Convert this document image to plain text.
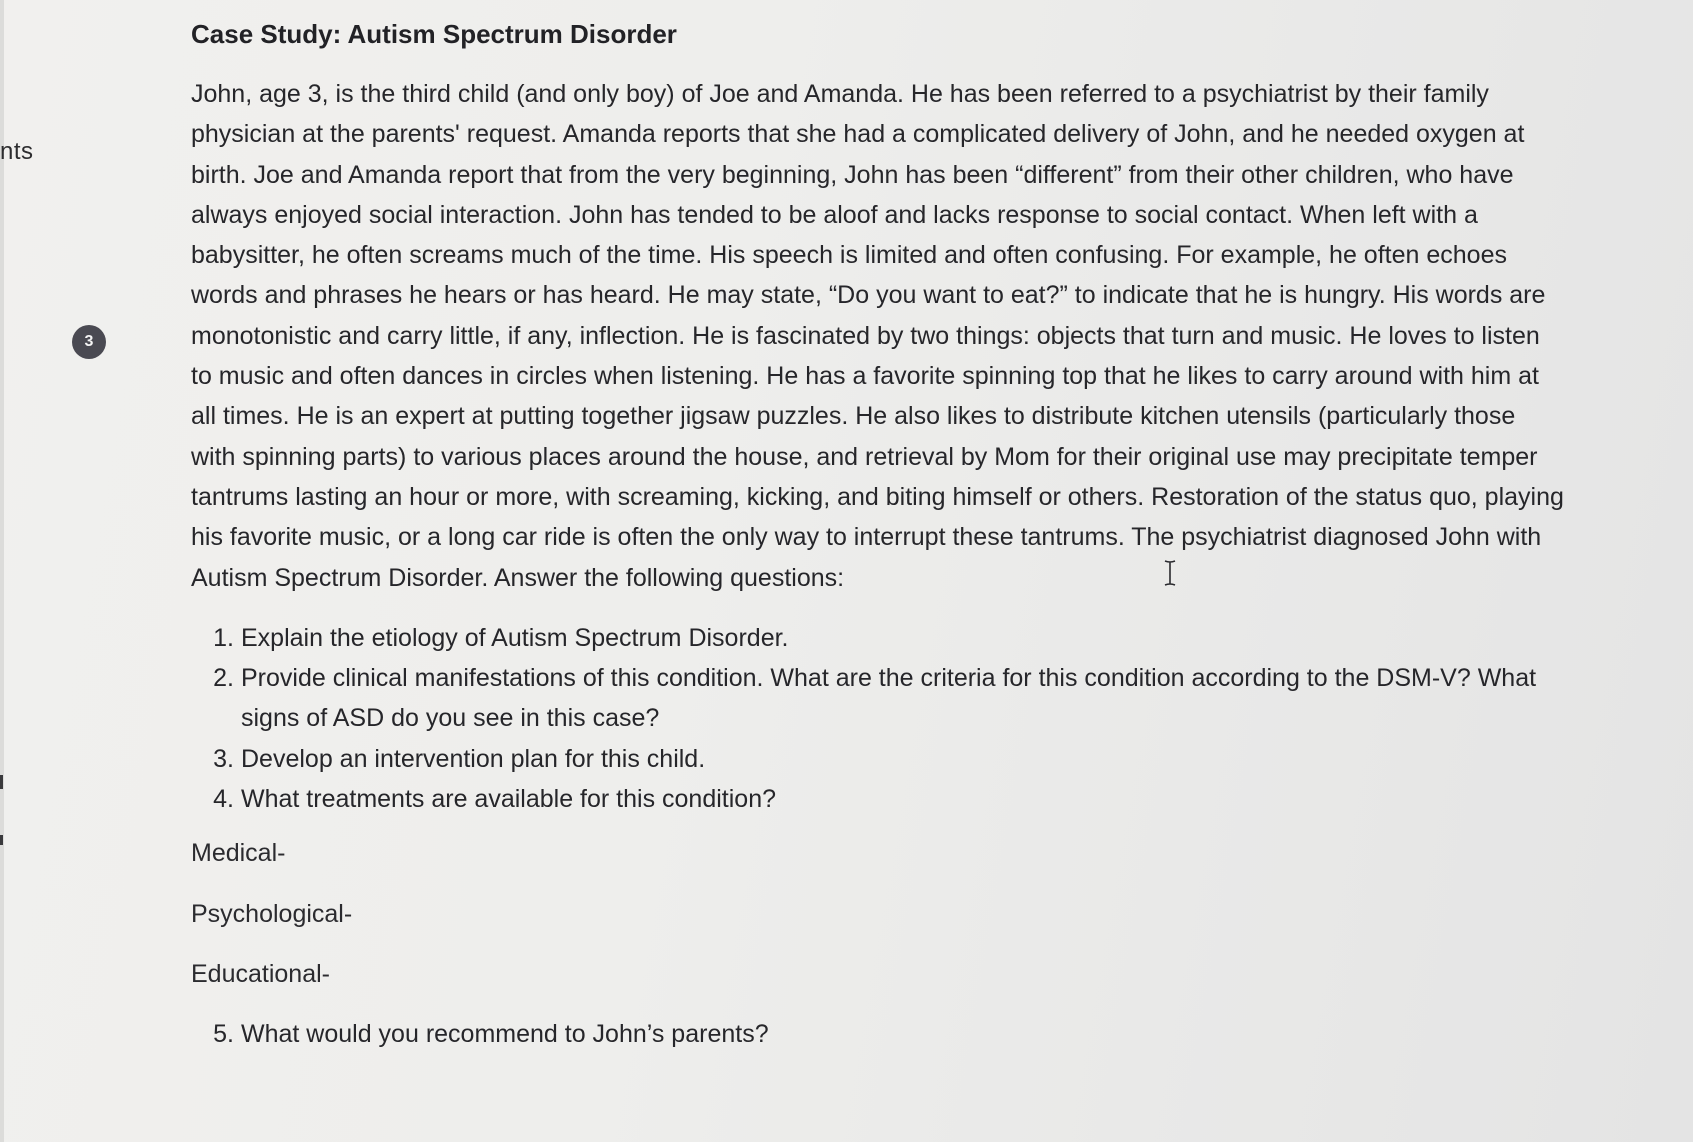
nts
3
Case Study: Autism Spectrum Disorder

John, age 3, is the third child (and only boy) of Joe and Amanda. He has been referred to a psychiatrist by their family physician at the parents' request. Amanda reports that she had a complicated delivery of John, and he needed oxygen at birth. Joe and Amanda report that from the very beginning, John has been “different” from their other children, who have always enjoyed social interaction. John has tended to be aloof and lacks response to social contact. When left with a babysitter, he often screams much of the time. His speech is limited and often confusing. For example, he often echoes words and phrases he hears or has heard. He may state, “Do you want to eat?” to indicate that he is hungry. His words are monotonistic and carry little, if any, inflection. He is fascinated by two things: objects that turn and music. He loves to listen to music and often dances in circles when listening. He has a favorite spinning top that he likes to carry around with him at all times. He is an expert at putting together jigsaw puzzles. He also likes to distribute kitchen utensils (particularly those with spinning parts) to various places around the house, and retrieval by Mom for their original use may precipitate temper tantrums lasting an hour or more, with screaming, kicking, and biting himself or others. Restoration of the status quo, playing his favorite music, or a long car ride is often the only way to interrupt these tantrums. The psychiatrist diagnosed John with Autism Spectrum Disorder. Answer the following questions:

1. Explain the etiology of Autism Spectrum Disorder.
2. Provide clinical manifestations of this condition. What are the criteria for this condition according to the DSM-V? What signs of ASD do you see in this case?
3. Develop an intervention plan for this child.
4. What treatments are available for this condition?

Medical-

Psychological-

Educational-

5. What would you recommend to John’s parents?
